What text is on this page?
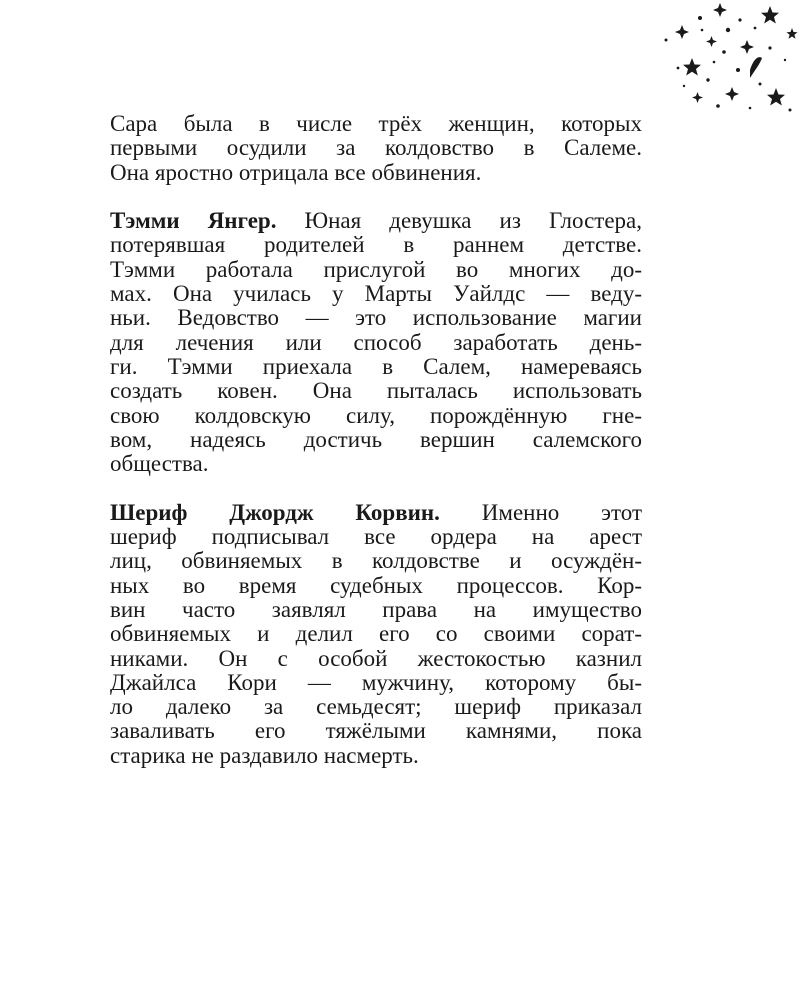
Сара была в числе трёх женщин, которых
первыми осудили за колдовство в Салеме.
Она яростно отрицала все обвинения.

Тэмми Янгер. Юная девушка из Глостера,
потерявшая родителей в раннем детстве.
Тэмми работала прислугой во многих до-
мах. Она училась у Марты Уайлдс — веду-
ньи. Ведовство — это использование магии
для лечения или способ заработать день-
ги. Тэмми приехала в Салем, намереваясь
создать ковен. Она пыталась использовать
свою колдовскую силу, порождённую гне-
вом, надеясь достичь вершин салемского
общества.

Шериф Джордж Корвин. Именно этот
шериф подписывал все ордера на арест
лиц, обвиняемых в колдовстве и осуждён-
ных во время судебных процессов. Кор-
вин часто заявлял права на имущество
обвиняемых и делил его со своими сорат-
никами. Он с особой жестокостью казнил
Джайлса Кори — мужчину, которому бы-
ло далеко за семьдесят; шериф приказал
заваливать его тяжёлыми камнями, пока
старика не раздавило насмерть.
